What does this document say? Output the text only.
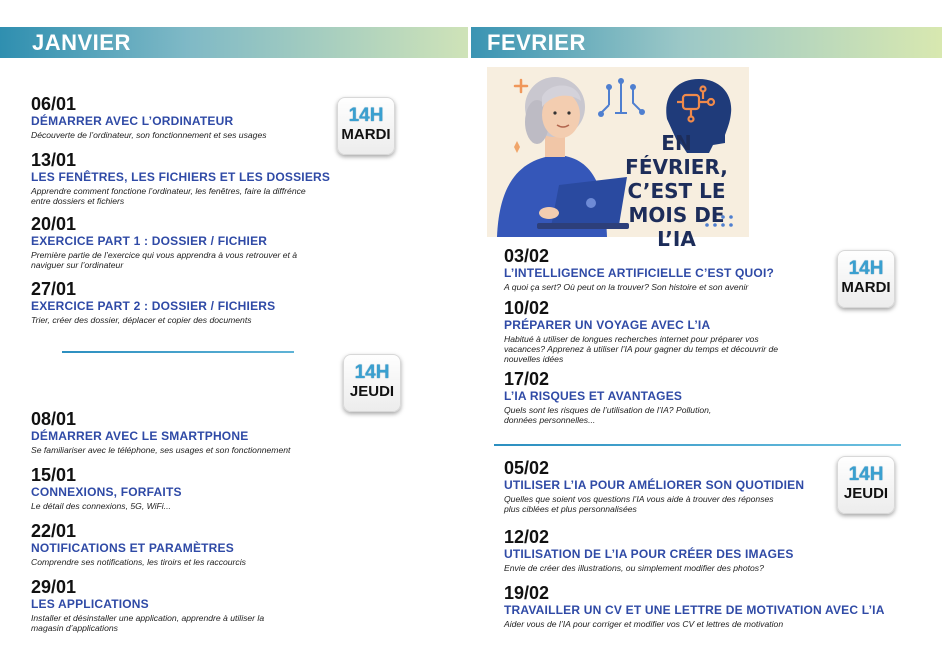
JANVIER	FEVRIER
06/01
DÉMARRER AVEC L’ORDINATEUR
Découverte de l’ordinateur, son fonctionnement et ses usages
13/01
LES FENÊTRES, LES FICHIERS ET LES DOSSIERS
Apprendre comment fonctione l’ordinateur, les fenêtres, faire la diffrénce entre dossiers et fichiers
20/01
EXERCICE PART 1 : DOSSIER / FICHIER
Première partie de l’exercice qui vous apprendra à vous retrouver et à naviguer sur l’ordinateur
27/01
EXERCICE PART 2 : DOSSIER / FICHIERS
Trier, créer des dossier, déplacer et copier des documents
14H
MARDI
14H
JEUDI
08/01
DÉMARRER AVEC LE SMARTPHONE
Se familiariser avec le téléphone, ses usages et son fonctionnement
15/01
CONNEXIONS, FORFAITS
Le détail des connexions, 5G, WiFi...
22/01
NOTIFICATIONS ET PARAMÈTRES
Comprendre ses notifications, les tiroirs et les raccourcis
29/01
LES APPLICATIONS
Installer et désinstaller une application, apprendre à utiliser la magasin d’applications
EN FÉVRIER, C’EST LE MOIS DE L’IA
03/02
L’INTELLIGENCE ARTIFICIELLE C’EST QUOI?
A quoi ça sert? Où peut on la trouver? Son histoire et son avenir
10/02
PRÉPARER UN VOYAGE AVEC L’IA
Habitué à utiliser de longues recherches internet pour préparer vos vacances? Apprenez à utiliser l’IA pour gagner du temps et découvrir de nouvelles idées
17/02
L’IA RISQUES ET AVANTAGES
Quels sont les risques de l’utilisation de l’IA? Pollution, données personnelles...
14H
MARDI
14H
JEUDI
05/02
UTILISER L’IA POUR AMÉLIORER SON QUOTIDIEN
Quelles que soient vos questions l’IA vous aide à trouver des réponses plus ciblées et plus personnalisées
12/02
UTILISATION DE L’IA POUR CRÉER DES IMAGES
Envie de créer des illustrations, ou simplement modifier des photos?
19/02
TRAVAILLER UN CV ET UNE LETTRE DE MOTIVATION AVEC L’IA
Aider vous de l’IA pour corriger et modifier vos CV et lettres de motivation
